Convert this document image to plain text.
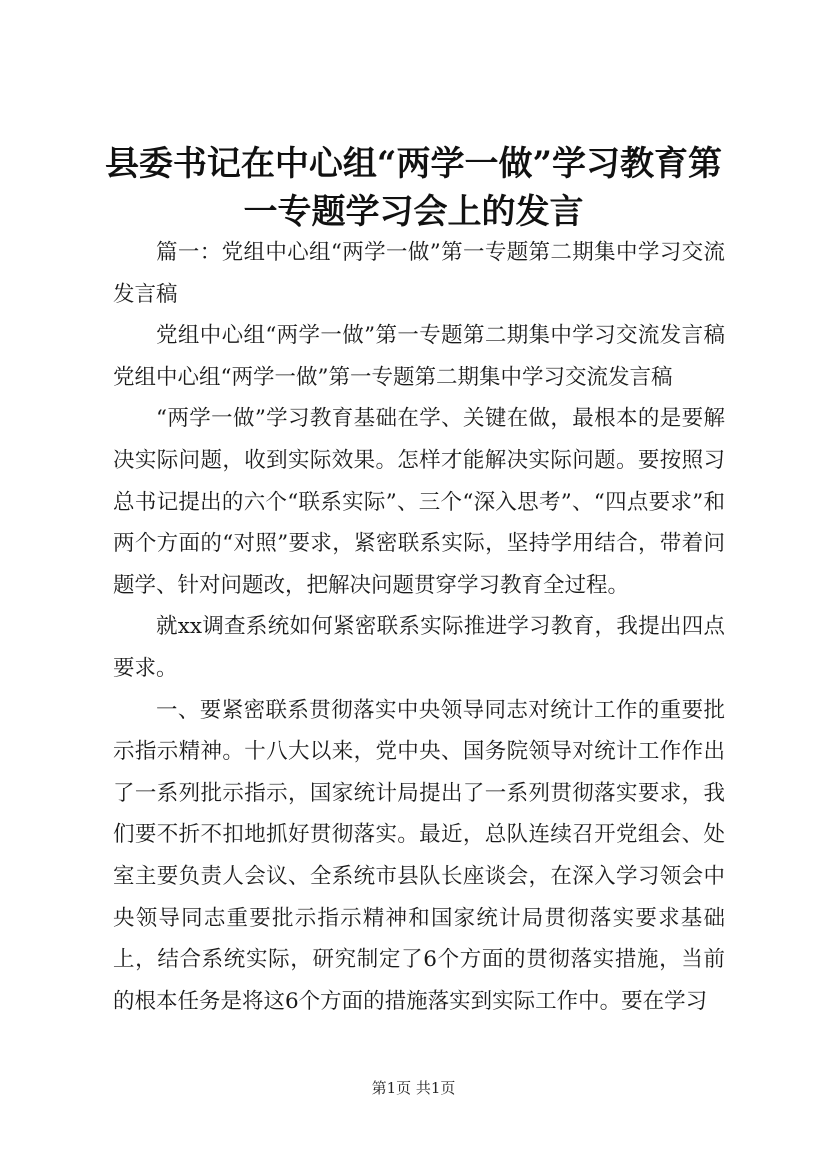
县委书记在中心组“两学一做”学习教育第一专题学习会上的发言

篇一：党组中心组“两学一做”第一专题第二期集中学习交流发言稿

党组中心组“两学一做”第一专题第二期集中学习交流发言稿党组中心组“两学一做”第一专题第二期集中学习交流发言稿

“两学一做”学习教育基础在学、关键在做，最根本的是要解决实际问题，收到实际效果。怎样才能解决实际问题。要按照习总书记提出的六个“联系实际”、三个“深入思考”、“四点要求”和两个方面的“对照”要求，紧密联系实际，坚持学用结合，带着问题学、针对问题改，把解决问题贯穿学习教育全过程。

就xx调查系统如何紧密联系实际推进学习教育，我提出四点要求。

一、要紧密联系贯彻落实中央领导同志对统计工作的重要批示指示精神。十八大以来，党中央、国务院领导对统计工作作出了一系列批示指示，国家统计局提出了一系列贯彻落实要求，我们要不折不扣地抓好贯彻落实。最近，总队连续召开党组会、处室主要负责人会议、全系统市县队长座谈会，在深入学习领会中央领导同志重要批示指示精神和国家统计局贯彻落实要求基础上，结合系统实际，研究制定了6个方面的贯彻落实措施，当前的根本任务是将这6个方面的措施落实到实际工作中。要在学习

第1页 共1页
